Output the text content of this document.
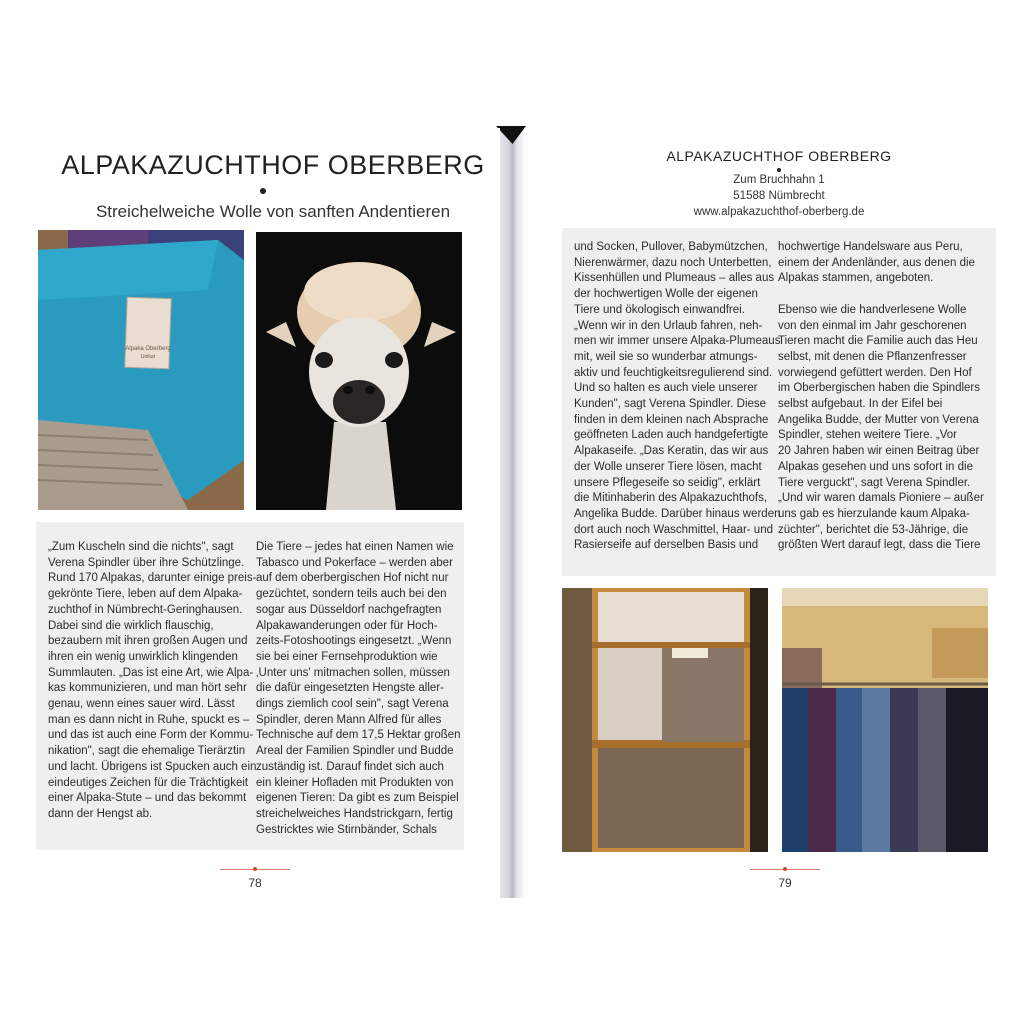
ALPAKAZUCHTHOF OBERBERG
Streichelweiche Wolle von sanften Andentieren
Alpaka Oberberg
Unikat
„Zum Kuscheln sind die nichts", sagt
Verena Spindler über ihre Schützlinge.
Rund 170 Alpakas, darunter einige preis-
gekrönte Tiere, leben auf dem Alpaka-
zuchthof in Nümbrecht-Geringhausen.
Dabei sind die wirklich flauschig,
bezaubern mit ihren großen Augen und
ihren ein wenig unwirklich klingenden
Summlauten. „Das ist eine Art, wie Alpa-
kas kommunizieren, und man hört sehr
genau, wenn eines sauer wird. Lässt
man es dann nicht in Ruhe, spuckt es –
und das ist auch eine Form der Kommu-
nikation", sagt die ehemalige Tierärztin
und lacht. Übrigens ist Spucken auch ein
eindeutiges Zeichen für die Trächtigkeit
einer Alpaka-Stute – und das bekommt
dann der Hengst ab.
Die Tiere – jedes hat einen Namen wie
Tabasco und Pokerface – werden aber
auf dem oberbergischen Hof nicht nur
gezüchtet, sondern teils auch bei den
sogar aus Düsseldorf nachgefragten
Alpakawanderungen oder für Hoch-
zeits-Fotoshootings eingesetzt. „Wenn
sie bei einer Fernsehproduktion wie
‚Unter uns' mitmachen sollen, müssen
die dafür eingesetzten Hengste aller-
dings ziemlich cool sein", sagt Verena
Spindler, deren Mann Alfred für alles
Technische auf dem 17,5 Hektar großen
Areal der Familien Spindler und Budde
zuständig ist. Darauf findet sich auch
ein kleiner Hofladen mit Produkten von
eigenen Tieren: Da gibt es zum Beispiel
streichelweiches Handstrickgarn, fertig
Gestricktes wie Stirnbänder, Schals
78
ALPAKAZUCHTHOF OBERBERG
Zum Bruchhahn 1
51588 Nümbrecht
www.alpakazuchthof-oberberg.de
und Socken, Pullover, Babymützchen,
Nierenwärmer, dazu noch Unterbetten,
Kissenhüllen und Plumeaus – alles aus
der hochwertigen Wolle der eigenen
Tiere und ökologisch einwandfrei.
„Wenn wir in den Urlaub fahren, neh-
men wir immer unsere Alpaka-Plumeaus
mit, weil sie so wunderbar atmungs-
aktiv und feuchtigkeitsregulierend sind.
Und so halten es auch viele unserer
Kunden", sagt Verena Spindler. Diese
finden in dem kleinen nach Absprache
geöffneten Laden auch handgefertigte
Alpakaseife. „Das Keratin, das wir aus
der Wolle unserer Tiere lösen, macht
unsere Pflegeseife so seidig", erklärt
die Mitinhaberin des Alpakazuchthofs,
Angelika Budde. Darüber hinaus werden
dort auch noch Waschmittel, Haar- und
Rasierseife auf derselben Basis und
hochwertige Handelsware aus Peru,
einem der Andenländer, aus denen die
Alpakas stammen, angeboten.
Ebenso wie die handverlesene Wolle
von den einmal im Jahr geschorenen
Tieren macht die Familie auch das Heu
selbst, mit denen die Pflanzenfresser
vorwiegend gefüttert werden. Den Hof
im Oberbergischen haben die Spindlers
selbst aufgebaut. In der Eifel bei
Angelika Budde, der Mutter von Verena
Spindler, stehen weitere Tiere. „Vor
20 Jahren haben wir einen Beitrag über
Alpakas gesehen und uns sofort in die
Tiere verguckt", sagt Verena Spindler.
„Und wir waren damals Pioniere – außer
uns gab es hierzulande kaum Alpaka-
züchter", berichtet die 53-Jährige, die
größten Wert darauf legt, dass die Tiere
79
